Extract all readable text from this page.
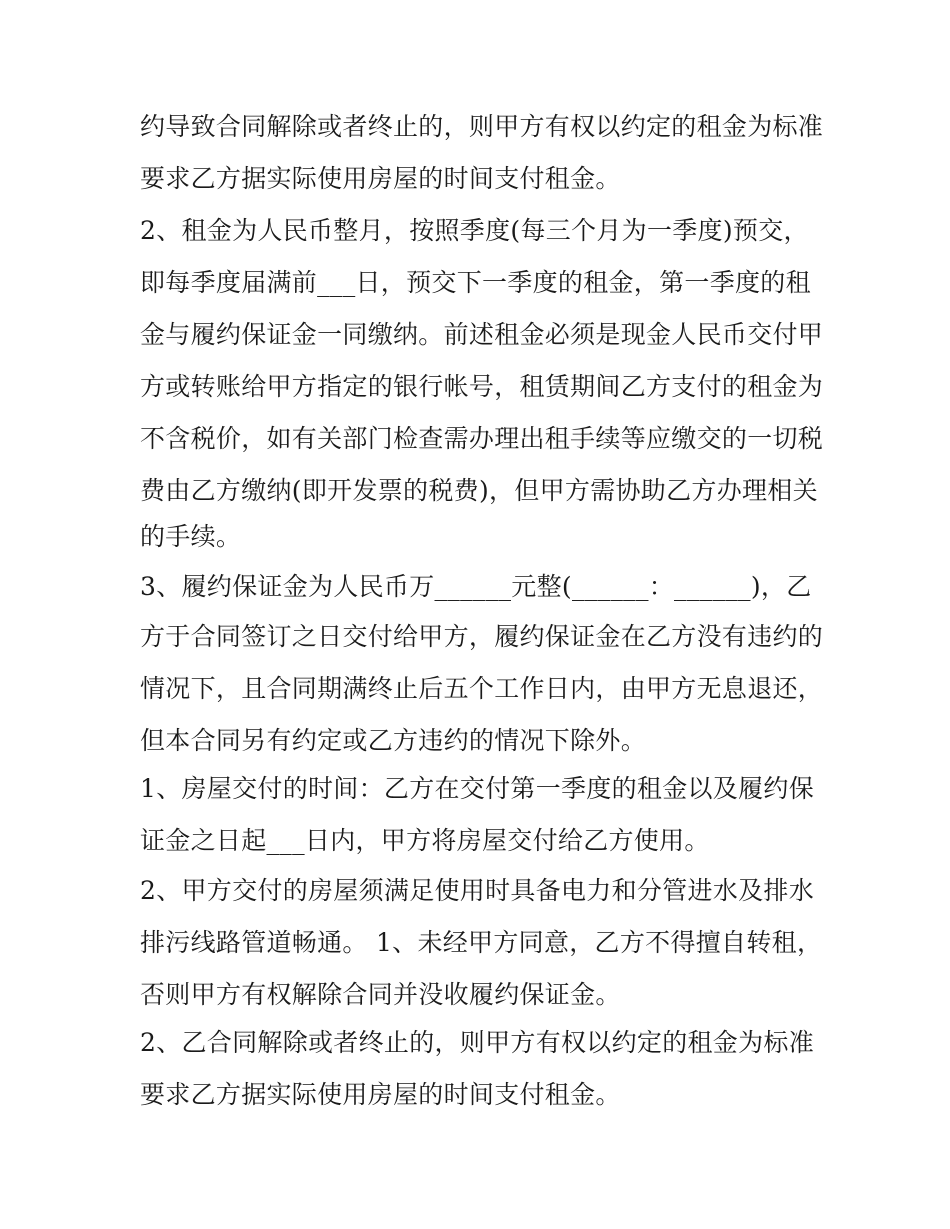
约导致合同解除或者终止的，则甲方有权以约定的租金为标准
要求乙方据实际使用房屋的时间支付租金。
2、租金为人民币整月，按照季度(每三个月为一季度)预交，
即每季度届满前___日，预交下一季度的租金，第一季度的租
金与履约保证金一同缴纳。前述租金必须是现金人民币交付甲
方或转账给甲方指定的银行帐号，租赁期间乙方支付的租金为
不含税价，如有关部门检查需办理出租手续等应缴交的一切税
费由乙方缴纳(即开发票的税费)，但甲方需协助乙方办理相关
的手续。
3、履约保证金为人民币万______元整(______：______)，乙
方于合同签订之日交付给甲方，履约保证金在乙方没有违约的
情况下，且合同期满终止后五个工作日内，由甲方无息退还，
但本合同另有约定或乙方违约的情况下除外。
1、房屋交付的时间：乙方在交付第一季度的租金以及履约保
证金之日起___日内，甲方将房屋交付给乙方使用。
2、甲方交付的房屋须满足使用时具备电力和分管进水及排水
排污线路管道畅通。 1、未经甲方同意，乙方不得擅自转租，
否则甲方有权解除合同并没收履约保证金。
2、乙合同解除或者终止的，则甲方有权以约定的租金为标准
要求乙方据实际使用房屋的时间支付租金。
